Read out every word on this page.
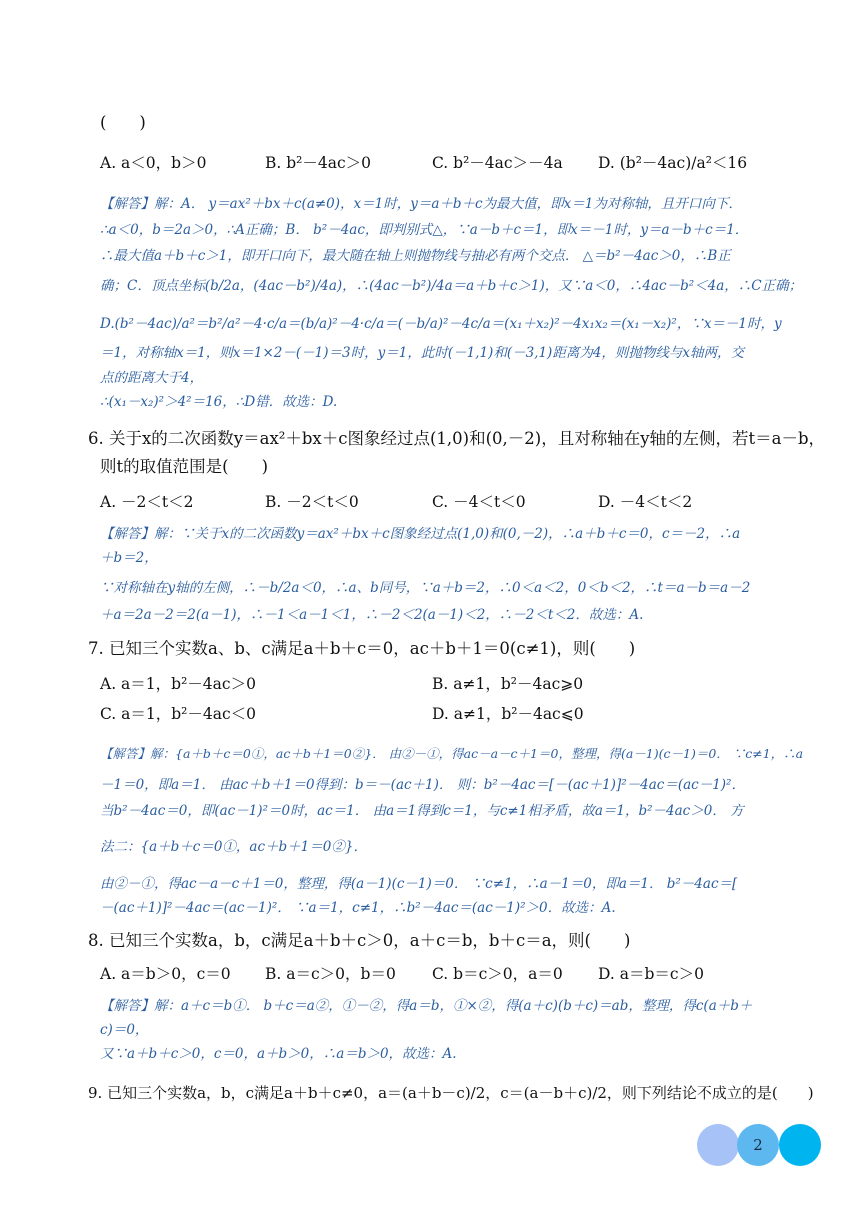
(　　)
A. a＜0，b＞0	B. b²－4ac＞0	C. b²－4ac＞－4a D. (b²－4ac)/a²＜16
【解答】解：A． y＝ax²＋bx＋c(a≠0)，x＝1时，y＝a＋b＋c为最大值，即x＝1为对称轴，且开口向下．
∴a＜0，b＝2a＞0，∴A正确；B． b²－4ac，即判别式△，∵a－b＋c＝1，即x＝－1时，y＝a－b＋c＝1．
∴最大值a＋b＋c＞1，即开口向下，最大随在轴上则抛物线与抽必有两个交点． △＝b²－4ac＞0，∴B正
确；C．顶点坐标(b/2a，(4ac－b²)/4a)，∴(4ac－b²)/4a＝a＋b＋c＞1)，又∵a＜0，∴4ac－b²＜4a，∴C正确；
D.(b²－4ac)/a²＝b²/a²－4·c/a＝(b/a)²－4·c/a＝(－b/a)²－4c/a＝(x₁＋x₂)²－4x₁x₂＝(x₁－x₂)²，∵x＝－1时，y
＝1，对称轴x＝1，则x＝1×2－(－1)＝3时，y＝1，此时(－1,1)和(－3,1)距离为4，则抛物线与x轴两，交
点的距离大于4，
∴(x₁－x₂)²＞4²＝16，∴D错．故选：D.
6. 关于x的二次函数y＝ax²＋bx＋c图象经过点(1,0)和(0,－2)，且对称轴在y轴的左侧，若t＝a－b，
则t的取值范围是(　　)
A. －2＜t＜2	B. －2＜t＜0	C. －4＜t＜0	D. －4＜t＜2
【解答】解：∵关于x的二次函数y＝ax²＋bx＋c图象经过点(1,0)和(0,－2)，∴a＋b＋c＝0，c＝－2，∴a
＋b＝2，
∵对称轴在y轴的左侧，∴－b/2a＜0，∴a、b同号，∵a＋b＝2，∴0＜a＜2，0＜b＜2，∴t＝a－b＝a－2
＋a＝2a－2＝2(a－1)，∴－1＜a－1＜1，∴－2＜2(a－1)＜2，∴－2＜t＜2．故选：A.
7. 已知三个实数a、b、c满足a＋b＋c＝0，ac＋b＋1＝0(c≠1)，则(　　)
A. a＝1，b²－4ac＞0	B. a≠1，b²－4ac⩾0
C. a＝1，b²－4ac＜0	D. a≠1，b²－4ac⩽0
【解答】解：{a＋b＋c＝0①，ac＋b＋1＝0②}． 由②－①，得ac－a－c＋1＝0，整理，得(a－1)(c－1)＝0． ∵c≠1，∴a
－1＝0，即a＝1． 由ac＋b＋1＝0得到：b＝－(ac＋1)． 则：b²－4ac＝[－(ac＋1)]²－4ac＝(ac－1)²．
当b²－4ac＝0，即(ac－1)²＝0时，ac＝1． 由a＝1得到c＝1，与c≠1相矛盾，故a＝1，b²－4ac＞0． 方
法二：{a＋b＋c＝0①，ac＋b＋1＝0②}．
由②－①，得ac－a－c＋1＝0，整理，得(a－1)(c－1)＝0． ∵c≠1，∴a－1＝0，即a＝1． b²－4ac＝[
－(ac＋1)]²－4ac＝(ac－1)²． ∵a＝1，c≠1，∴b²－4ac＝(ac－1)²＞0．故选：A.
8. 已知三个实数a，b，c满足a＋b＋c＞0，a＋c＝b，b＋c＝a，则(　　)
A. a＝b＞0，c＝0 B. a＝c＞0，b＝0 C. b＝c＞0，a＝0 D. a＝b＝c＞0
【解答】解：a＋c＝b①． b＋c＝a②，①－②，得a＝b，①×②，得(a＋c)(b＋c)＝ab，整理，得c(a＋b＋
c)＝0，
又∵a＋b＋c＞0，c＝0，a＋b＞0，∴a＝b＞0，故选：A.
9. 已知三个实数a，b，c满足a＋b＋c≠0，a＝(a＋b－c)/2，c＝(a－b＋c)/2，则下列结论不成立的是(　　)
2
